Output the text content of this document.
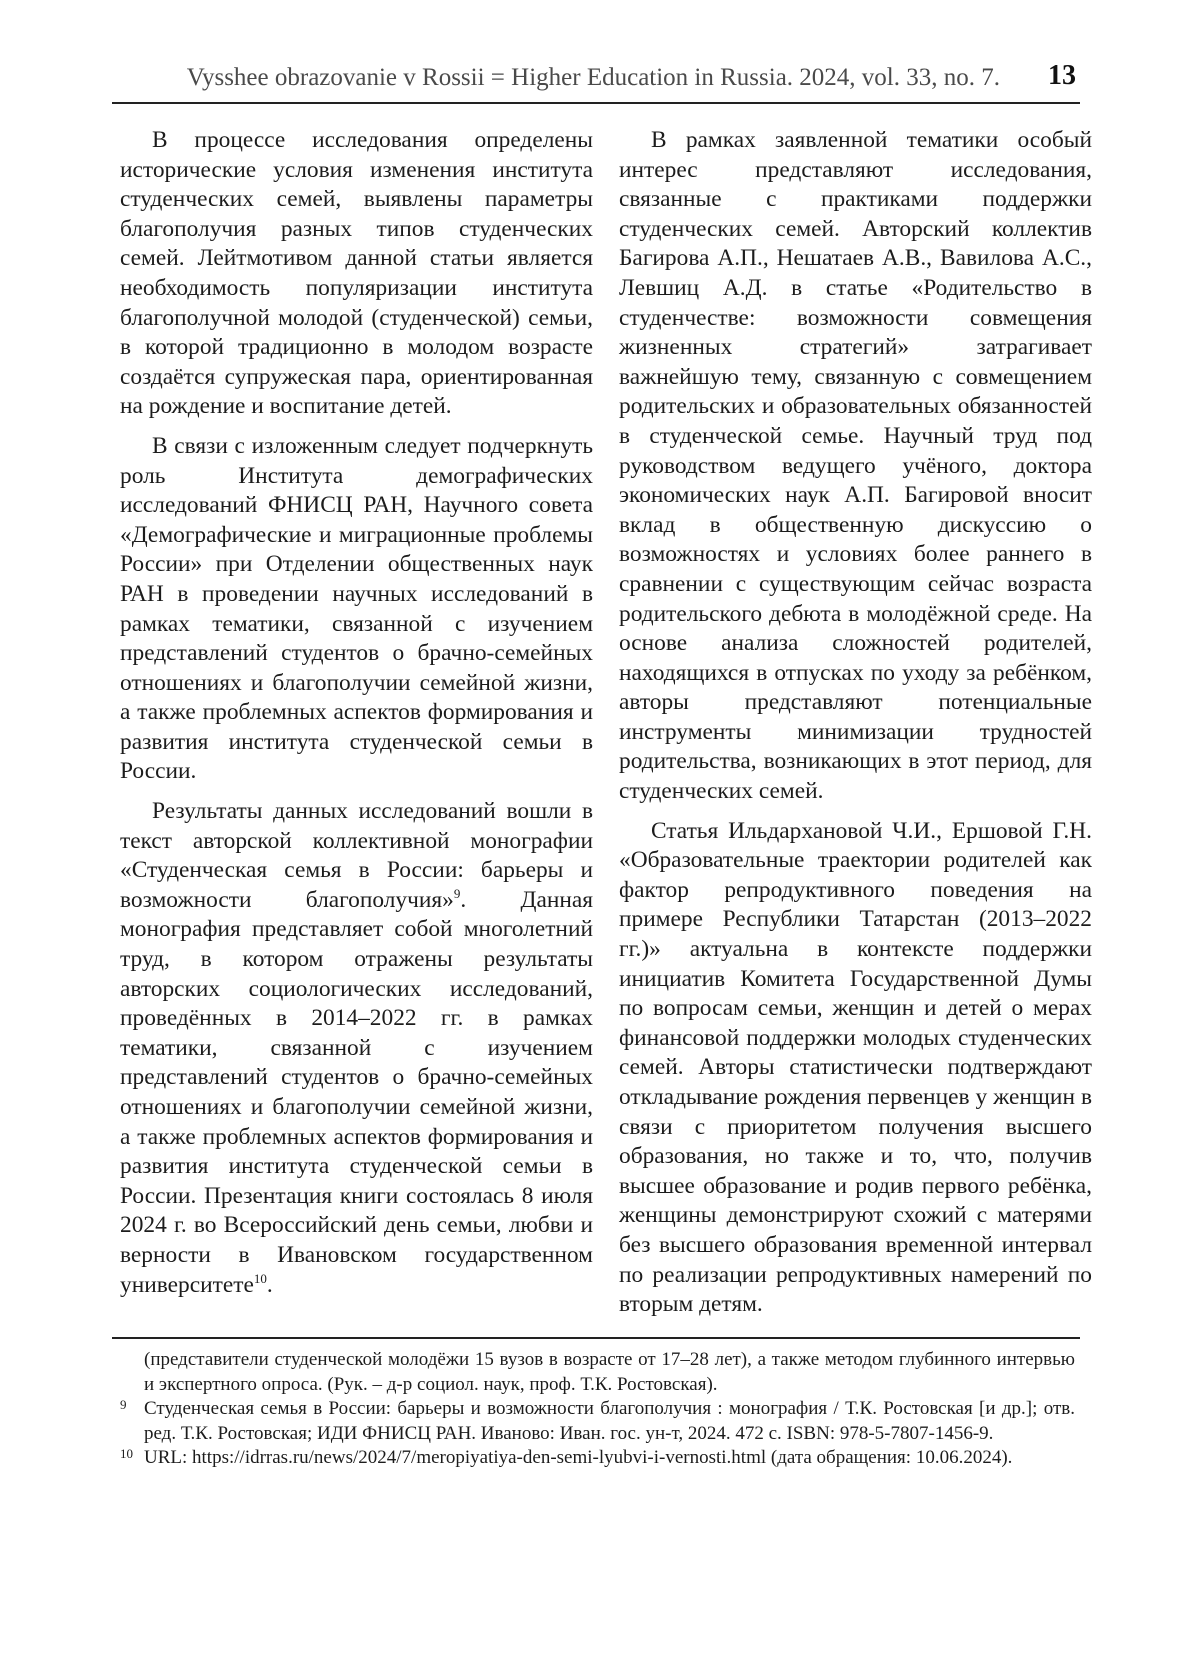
Vysshee obrazovanie v Rossii = Higher Education in Russia. 2024, vol. 33, no. 7. 13

В процессе исследования определены исторические условия изменения института студенческих семей, выявлены параметры благополучия разных типов студенческих семей. Лейтмотивом данной статьи является необходимость популяризации института благополучной молодой (студенческой) семьи, в которой традиционно в молодом возрасте создаётся супружеская пара, ориентированная на рождение и воспитание детей.

В связи с изложенным следует подчеркнуть роль Института демографических исследований ФНИСЦ РАН, Научного совета «Демографические и миграционные проблемы России» при Отделении общественных наук РАН в проведении научных исследований в рамках тематики, связанной с изучением представлений студентов о брачно-семейных отношениях и благополучии семейной жизни, а также проблемных аспектов формирования и развития института студенческой семьи в России.

Результаты данных исследований вошли в текст авторской коллективной монографии «Студенческая семья в России: барьеры и возможности благополучия»$^9$. Данная монография представляет собой многолетний труд, в котором отражены результаты авторских социологических исследований, проведённых в 2014–2022 гг. в рамках тематики, связанной с изучением представлений студентов о брачно-семейных отношениях и благополучии семейной жизни, а также проблемных аспектов формирования и развития института студенческой семьи в России. Презентация книги состоялась 8 июля 2024 г. во Всероссийский день семьи, любви и верности в Ивановском государственном университете$^{10}$.

В рамках заявленной тематики особый интерес представляют исследования, связанные с практиками поддержки студенческих семей. Авторский коллектив Багирова А.П., Нешатаев А.В., Вавилова А.С., Левшиц А.Д. в статье «Родительство в студенчестве: возможности совмещения жизненных стратегий» затрагивает важнейшую тему, связанную с совмещением родительских и образовательных обязанностей в студенческой семье. Научный труд под руководством ведущего учёного, доктора экономических наук А.П. Багировой вносит вклад в общественную дискуссию о возможностях и условиях более раннего в сравнении с существующим сейчас возраста родительского дебюта в молодёжной среде. На основе анализа сложностей родителей, находящихся в отпусках по уходу за ребёнком, авторы представляют потенциальные инструменты минимизации трудностей родительства, возникающих в этот период, для студенческих семей.

Статья Ильдархановой Ч.И., Ершовой Г.Н. «Образовательные траектории родителей как фактор репродуктивного поведения на примере Республики Татарстан (2013–2022 гг.)» актуальна в контексте поддержки инициатив Комитета Государственной Думы по вопросам семьи, женщин и детей о мерах финансовой поддержки молодых студенческих семей. Авторы статистически подтверждают откладывание рождения первенцев у женщин в связи с приоритетом получения высшего образования, но также и то, что, получив высшее образование и родив первого ребёнка, женщины демонстрируют схожий с матерями без высшего образования временной интервал по реализации репродуктивных намерений по вторым детям.

(представители студенческой молодёжи 15 вузов в возрасте от 17–28 лет), а также методом глубинного интервью и экспертного опроса. (Рук. – д-р социол. наук, проф. Т.К. Ростовская).

9 Студенческая семья в России: барьеры и возможности благополучия : монография / Т.К. Ростовская [и др.]; отв. ред. Т.К. Ростовская; ИДИ ФНИСЦ РАН. Иваново: Иван. гос. ун-т, 2024. 472 с. ISBN: 978-5-7807-1456-9.

10 URL: https://idrras.ru/news/2024/7/meropiyatiya-den-semi-lyubvi-i-vernosti.html (дата обращения: 10.06.2024).
